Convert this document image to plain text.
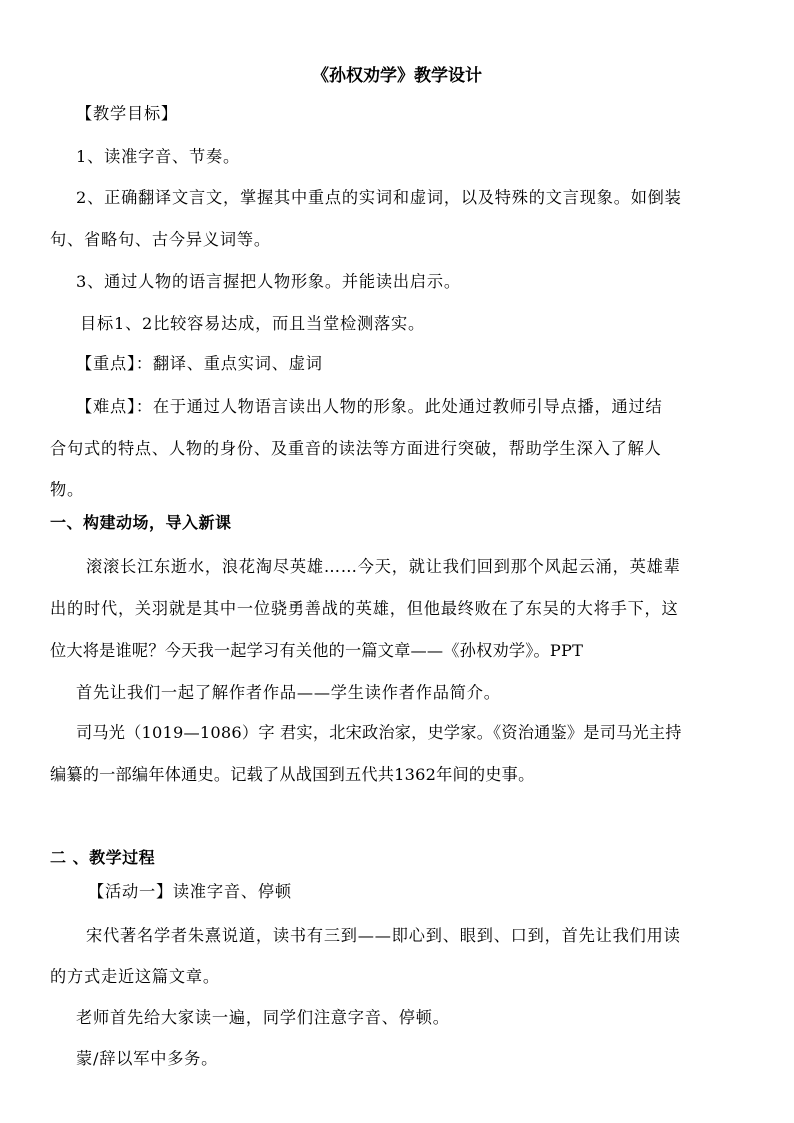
《孙权劝学》教学设计

【教学目标】

1、读准字音、节奏。

2、正确翻译文言文，掌握其中重点的实词和虚词，以及特殊的文言现象。如倒装

句、省略句、古今异义词等。

3、通过人物的语言握把人物形象。并能读出启示。

目标1、2比较容易达成，而且当堂检测落实。

【重点】：翻译、重点实词、虚词

【难点】：在于通过人物语言读出人物的形象。此处通过教师引导点播，通过结

合句式的特点、人物的身份、及重音的读法等方面进行突破，帮助学生深入了解人

物。

一、构建动场，导入新课

滚滚长江东逝水，浪花淘尽英雄……今天，就让我们回到那个风起云涌，英雄辈

出的时代，关羽就是其中一位骁勇善战的英雄，但他最终败在了东吴的大将手下，这

位大将是谁呢？今天我一起学习有关他的一篇文章——《孙权劝学》。PPT

首先让我们一起了解作者作品——学生读作者作品简介。

司马光（1019—1086）字 君实，北宋政治家，史学家。《资治通鉴》是司马光主持

编纂的一部编年体通史。记载了从战国到五代共1362年间的史事。

二 、教学过程

【活动一】读准字音、停顿

宋代著名学者朱熹说道，读书有三到——即心到、眼到、口到，首先让我们用读

的方式走近这篇文章。

老师首先给大家读一遍，同学们注意字音、停顿。

蒙/辞以军中多务。
